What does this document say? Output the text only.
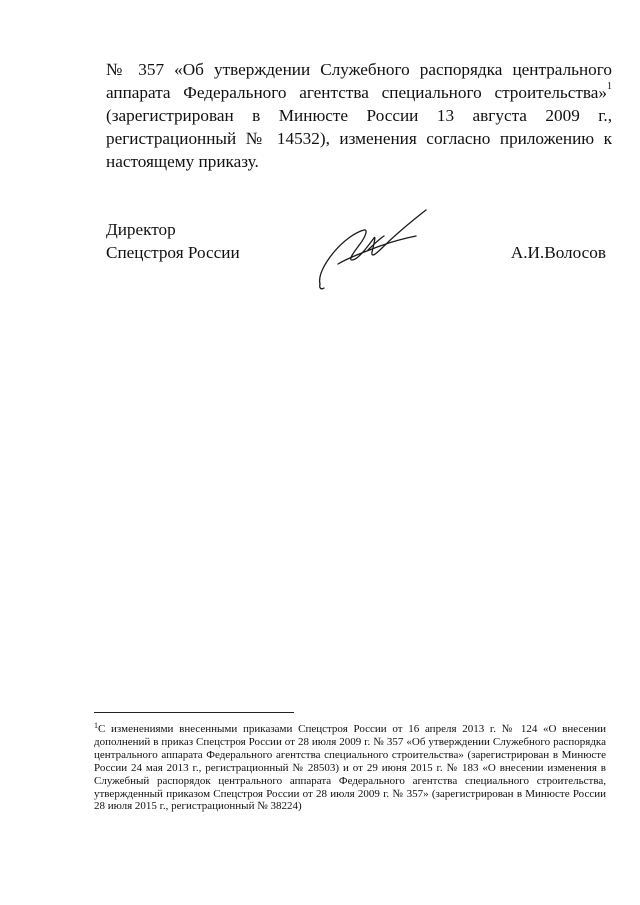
№ 357 «Об утверждении Служебного распорядка центрального
аппарата Федерального агентства специального строительства»$^1$
(зарегистрирован в Минюсте России 13 августа 2009 г.,
регистрационный № 14532), изменения согласно приложению к
настоящему приказу.

Директор
Спецстроя России	А.И.Волосов

$^1$С изменениями внесенными приказами Спецстроя России от 16 апреля 2013 г. № 124 «О внесении
дополнений в приказ Спецстроя России от 28 июля 2009 г. № 357 «Об утверждении Служебного распорядка
центрального аппарата Федерального агентства специального строительства» (зарегистрирован в Минюсте
России 24 мая 2013 г., регистрационный № 28503) и от 29 июня 2015 г. № 183 «О внесении изменения в
Служебный распорядок центрального аппарата Федерального агентства специального строительства,
утвержденный приказом Спецстроя России от 28 июля 2009 г. № 357» (зарегистрирован в Минюсте России
28 июля 2015 г., регистрационный № 38224)
